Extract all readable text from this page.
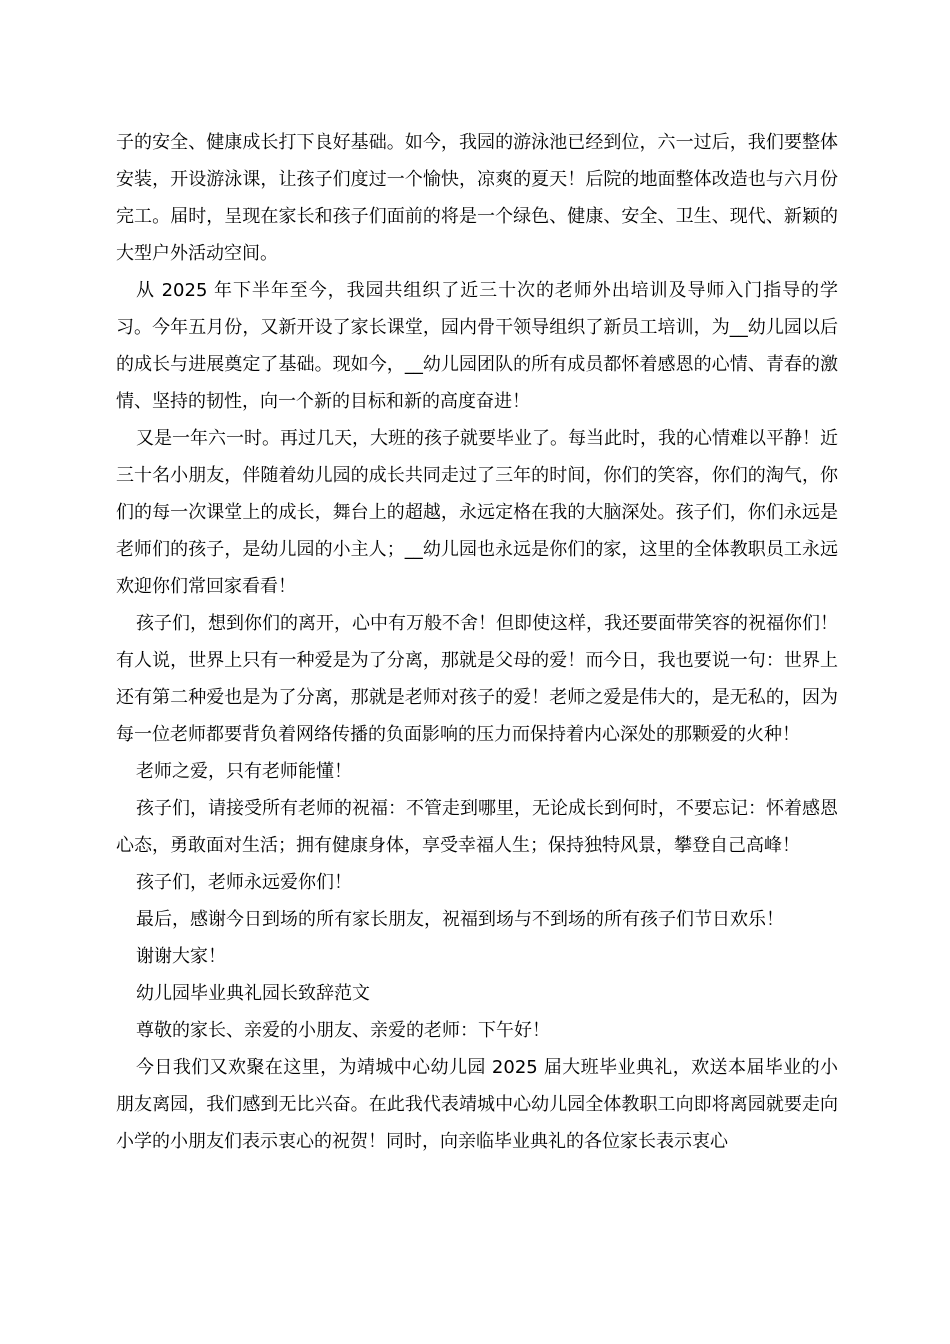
子的安全、健康成长打下良好基础。如今，我园的游泳池已经到位，六一过后，我们要整体安装，开设游泳课，让孩子们度过一个愉快，凉爽的夏天！后院的地面整体改造也与六月份完工。届时，呈现在家长和孩子们面前的将是一个绿色、健康、安全、卫生、现代、新颖的大型户外活动空间。

从 2025 年下半年至今，我园共组织了近三十次的老师外出培训及导师入门指导的学习。今年五月份，又新开设了家长课堂，园内骨干领导组织了新员工培训，为__幼儿园以后的成长与进展奠定了基础。现如今，__幼儿园团队的所有成员都怀着感恩的心情、青春的激情、坚持的韧性，向一个新的目标和新的高度奋进！

又是一年六一时。再过几天，大班的孩子就要毕业了。每当此时，我的心情难以平静！近三十名小朋友，伴随着幼儿园的成长共同走过了三年的时间，你们的笑容，你们的淘气，你们的每一次课堂上的成长，舞台上的超越，永远定格在我的大脑深处。孩子们，你们永远是老师们的孩子，是幼儿园的小主人；__幼儿园也永远是你们的家，这里的全体教职员工永远欢迎你们常回家看看！

孩子们，想到你们的离开，心中有万般不舍！但即使这样，我还要面带笑容的祝福你们！有人说，世界上只有一种爱是为了分离，那就是父母的爱！而今日，我也要说一句：世界上还有第二种爱也是为了分离，那就是老师对孩子的爱！老师之爱是伟大的，是无私的，因为每一位老师都要背负着网络传播的负面影响的压力而保持着内心深处的那颗爱的火种！

老师之爱，只有老师能懂！

孩子们，请接受所有老师的祝福：不管走到哪里，无论成长到何时，不要忘记：怀着感恩心态，勇敢面对生活；拥有健康身体，享受幸福人生；保持独特风景，攀登自己高峰！

孩子们，老师永远爱你们！

最后，感谢今日到场的所有家长朋友，祝福到场与不到场的所有孩子们节日欢乐！

谢谢大家！

幼儿园毕业典礼园长致辞范文

尊敬的家长、亲爱的小朋友、亲爱的老师：下午好！

今日我们又欢聚在这里，为靖城中心幼儿园 2025 届大班毕业典礼，欢送本届毕业的小朋友离园，我们感到无比兴奋。在此我代表靖城中心幼儿园全体教职工向即将离园就要走向小学的小朋友们表示衷心的祝贺！同时，向亲临毕业典礼的各位家长表示衷心
